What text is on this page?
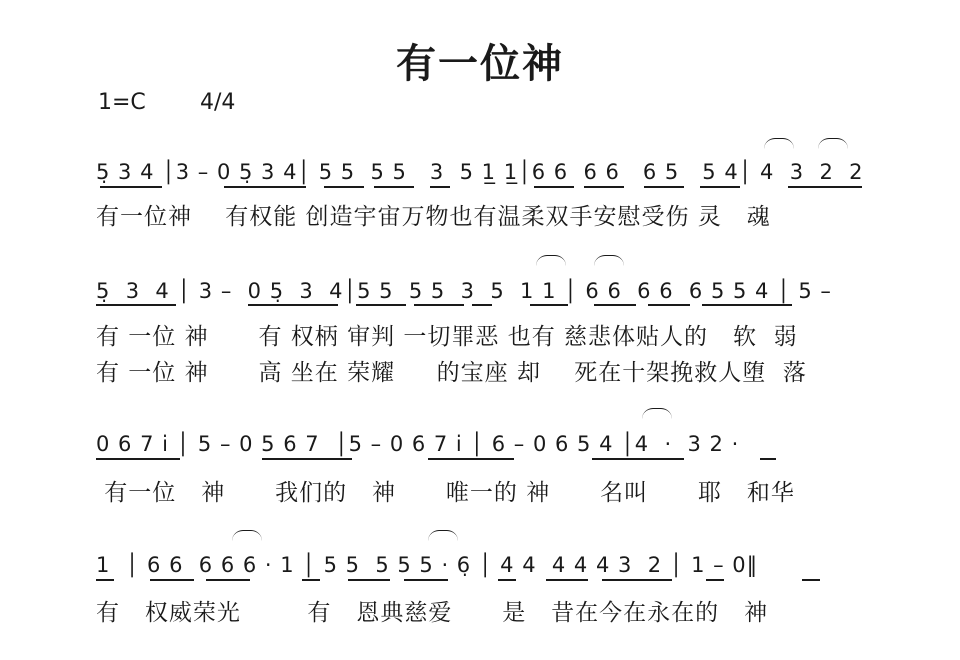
有一位神
1=C 4/4
5̣ 3 4 │3 – 0 5̣ 3 4│ 5 5  5 5   3  5 1̲ 1̲│6 6  6 6   6 5   5 4│ 4  3  2  2
有一位神    有权能 创造宇宙万物也有温柔双手安慰受伤 灵   魂
5̣  3  4 │ 3 –  0 5̣  3  4│5 5  5 5  3  5  1 1 │ 6 6  6 6  6 5 5 4 │ 5 –
有 一位 神      有 权柄 审判 一切罪恶 也有 慈悲体贴人的   软  弱
有 一位 神      高 坐在 荣耀     的宝座 却    死在十架挽救人堕  落
0 6 7 i̇ │ 5 – 0 5 6 7  │5 – 0 6 7 i̇ │ 6 – 0 6 5 4 │4  ·  3 2 ·
有一位   神      我们的   神      唯一的 神      名叫      耶   和华
1  │ 6 6  6 6 6 · 1 │ 5 5  5 5 5 · 6̣ │ 4 4  4 4 4 3  2 │ 1 – 0‖
有   权威荣光        有   恩典慈爱      是   昔在今在永在的   神
